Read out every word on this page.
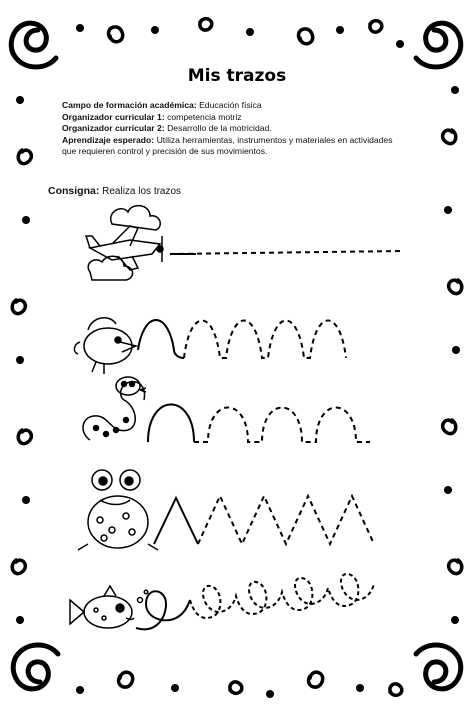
Mis trazos

Campo de formación académica: Educación física

Organizador curricular 1: competencia motriz

Organizador curricular 2: Desarrollo de la motricidad.

Aprendizaje esperado: Utiliza herramientas, instrumentos y materiales en actividades que requieren control y precisión de sus movimientos.

Consigna: Realiza los trazos
